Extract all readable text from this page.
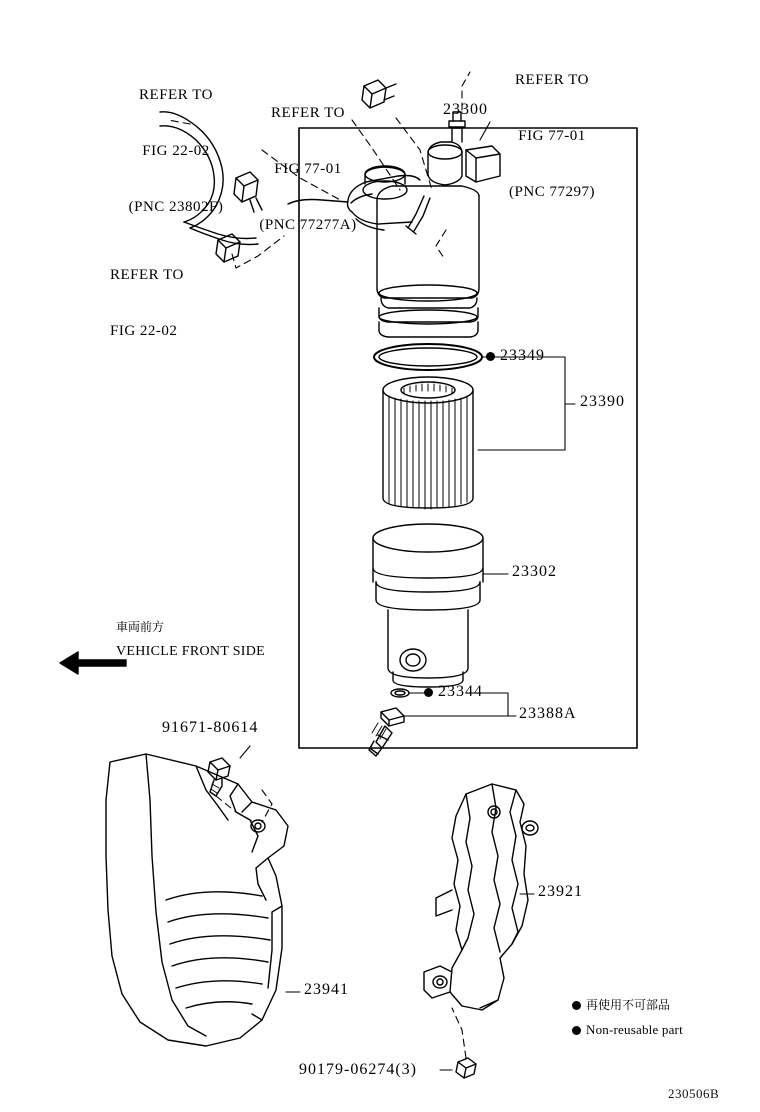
REFER TO

FIG 22-02

(PNC 23802F)

REFER TO

FIG 77-01

(PNC 77277A)

REFER TO

FIG 77-01

(PNC 77297)

REFER TO

FIG 22-02

23300
23349
23390
23302
23344
23388A
91671-80614
23941
23921
90179-06274(3)
車両前方
VEHICLE FRONT SIDE
再使用不可部品
Non-reusable part
230506B
